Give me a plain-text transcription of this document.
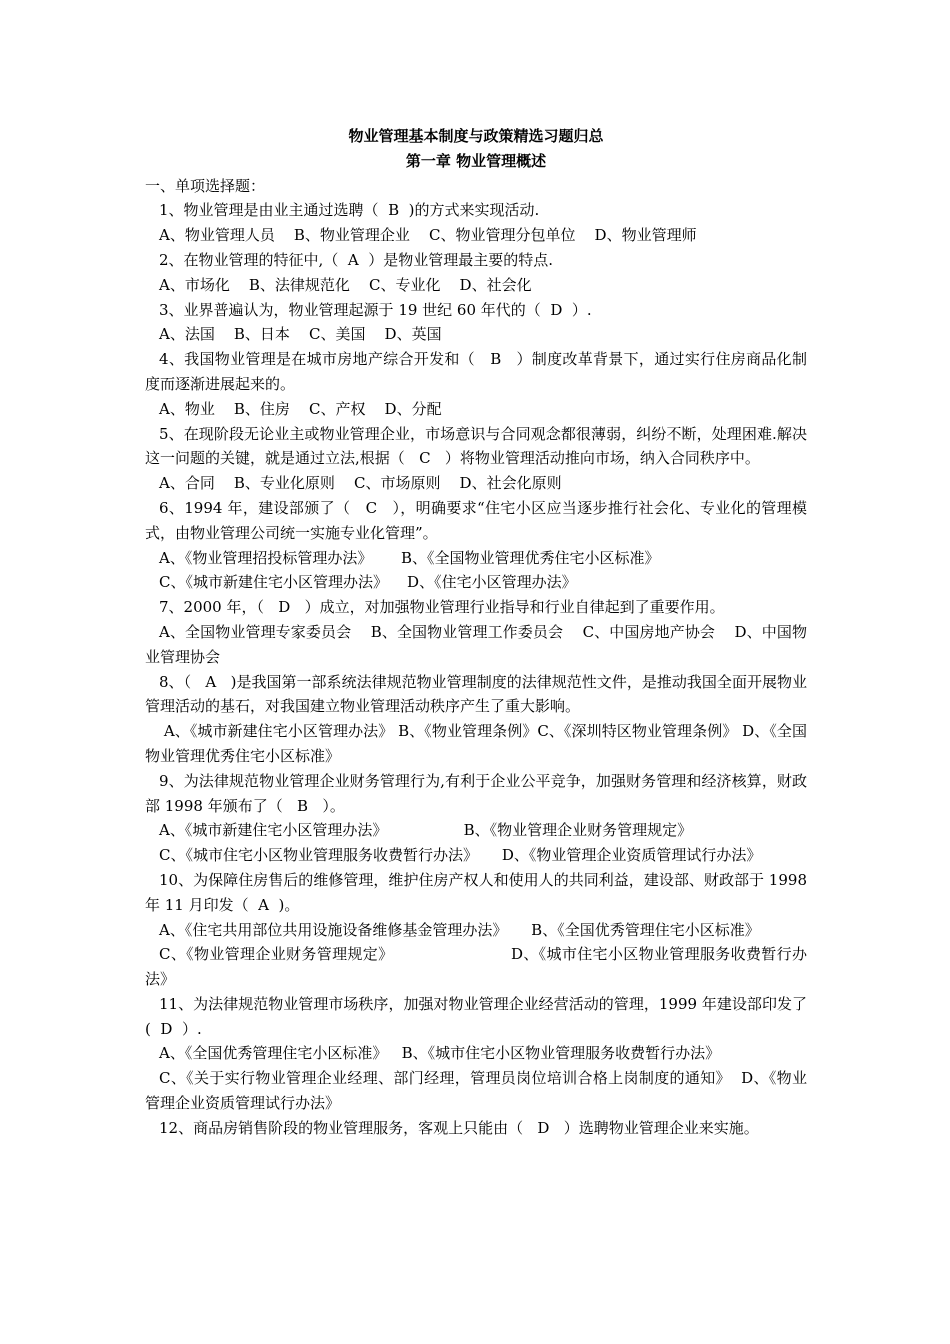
物业管理基本制度与政策精选习题归总
第一章 物业管理概述

一、单项选择题：

1、物业管理是由业主通过选聘（  B  )的方式来实现活动.

A、物业管理人员    B、物业管理企业    C、物业管理分包单位    D、物业管理师

2、在物业管理的特征中,（  A  ）是物业管理最主要的特点.

A、市场化    B、法律规范化    C、专业化    D、社会化

3、业界普遍认为，物业管理起源于 19 世纪 60 年代的（  D  ）.

A、法国    B、日本    C、美国    D、英国

4、我国物业管理是在城市房地产综合开发和（   B   ）制度改革背景下，通过实行住房商品化制度而逐渐进展起来的。

A、物业    B、住房    C、产权    D、分配

5、在现阶段无论业主或物业管理企业，市场意识与合同观念都很薄弱，纠纷不断，处理困难.解决这一问题的关键，就是通过立法,根据（   C   ）将物业管理活动推向市场，纳入合同秩序中。

A、合同    B、专业化原则    C、市场原则    D、社会化原则

6、1994 年，建设部颁了（   C   ），明确要求“住宅小区应当逐步推行社会化、专业化的管理模式，由物业管理公司统一实施专业化管理”。

A、《物业管理招投标管理办法》      B、《全国物业管理优秀住宅小区标准》

C、《城市新建住宅小区管理办法》    D、《住宅小区管理办法》

7、2000 年，（   D   ）成立，对加强物业管理行业指导和行业自律起到了重要作用。

A、全国物业管理专家委员会    B、全国物业管理工作委员会    C、中国房地产协会    D、中国物业管理协会

8、（   A   )是我国第一部系统法律规范物业管理制度的法律规范性文件，是推动我国全面开展物业管理活动的基石，对我国建立物业管理活动秩序产生了重大影响。

A、《城市新建住宅小区管理办法》 B、《物业管理条例》C、《深圳特区物业管理条例》 D、《全国物业管理优秀住宅小区标准》

9、为法律规范物业管理企业财务管理行为,有利于企业公平竞争，加强财务管理和经济核算，财政部 1998 年颁布了（   B   ）。

A、《城市新建住宅小区管理办法》                B、《物业管理企业财务管理规定》

C、《城市住宅小区物业管理服务收费暂行办法》     D、《物业管理企业资质管理试行办法》

10、为保障住房售后的维修管理，维护住房产权人和使用人的共同利益，建设部、财政部于 1998 年 11 月印发（  A  )。

A、《住宅共用部位共用设施设备维修基金管理办法》     B、《全国优秀管理住宅小区标准》

C、《物业管理企业财务管理规定》                       D、《城市住宅小区物业管理服务收费暂行办法》

11、为法律规范物业管理市场秩序，加强对物业管理企业经营活动的管理，1999 年建设部印发了(  D  ）.

A、《全国优秀管理住宅小区标准》   B、《城市住宅小区物业管理服务收费暂行办法》

C、《关于实行物业管理企业经理、部门经理，管理员岗位培训合格上岗制度的通知》  D、《物业管理企业资质管理试行办法》

12、商品房销售阶段的物业管理服务，客观上只能由（   D   ）选聘物业管理企业来实施。
